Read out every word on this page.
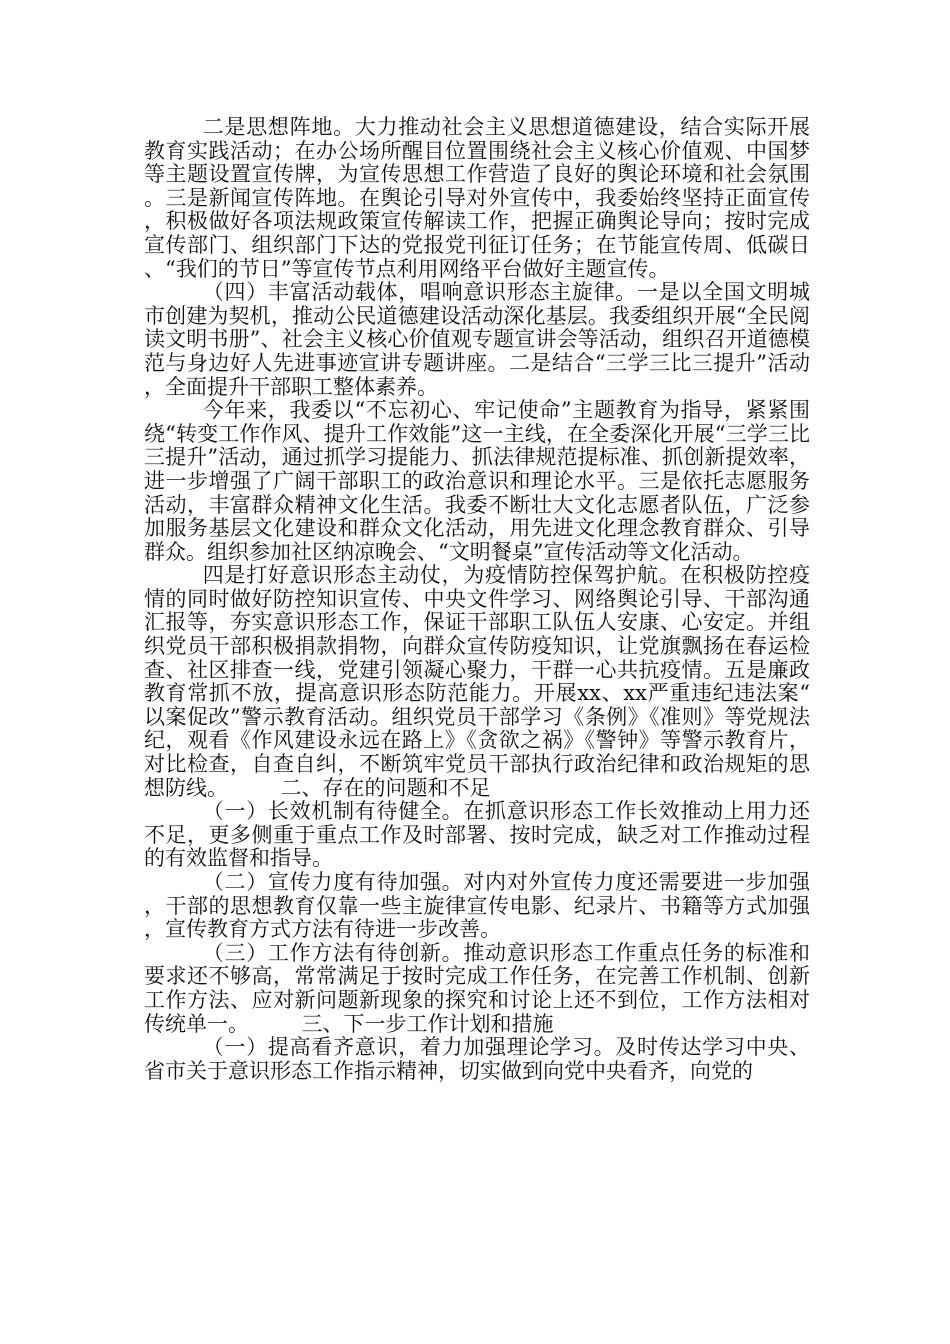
二是思想阵地。大力推动社会主义思想道德建设，结合实际开展教育实践活动；在办公场所醒目位置围绕社会主义核心价值观、中国梦等主题设置宣传牌，为宣传思想工作营造了良好的舆论环境和社会氛围。三是新闻宣传阵地。在舆论引导对外宣传中，我委始终坚持正面宣传，积极做好各项法规政策宣传解读工作，把握正确舆论导向；按时完成宣传部门、组织部门下达的党报党刊征订任务；在节能宣传周、低碳日、“我们的节日”等宣传节点利用网络平台做好主题宣传。

（四）丰富活动载体，唱响意识形态主旋律。一是以全国文明城市创建为契机，推动公民道德建设活动深化基层。我委组织开展“全民阅读文明书册”、社会主义核心价值观专题宣讲会等活动，组织召开道德模范与身边好人先进事迹宣讲专题讲座。二是结合“三学三比三提升”活动，全面提升干部职工整体素养。

今年来，我委以“不忘初心、牢记使命”主题教育为指导，紧紧围绕“转变工作作风、提升工作效能”这一主线，在全委深化开展“三学三比三提升”活动，通过抓学习提能力、抓法律规范提标准、抓创新提效率，进一步增强了广阔干部职工的政治意识和理论水平。三是依托志愿服务活动，丰富群众精神文化生活。我委不断壮大文化志愿者队伍，广泛参加服务基层文化建设和群众文化活动，用先进文化理念教育群众、引导群众。组织参加社区纳凉晚会、“文明餐桌”宣传活动等文化活动。

四是打好意识形态主动仗，为疫情防控保驾护航。在积极防控疫情的同时做好防控知识宣传、中央文件学习、网络舆论引导、干部沟通汇报等，夯实意识形态工作，保证干部职工队伍人安康、心安定。并组织党员干部积极捐款捐物，向群众宣传防疫知识，让党旗飘扬在春运检查、社区排查一线，党建引领凝心聚力，干群一心共抗疫情。五是廉政教育常抓不放，提高意识形态防范能力。开展xx、xx严重违纪违法案“以案促改”警示教育活动。组织党员干部学习《条例》《准则》等党规法纪，观看《作风建设永远在路上》《贪欲之祸》《警钟》等警示教育片，对比检查，自查自纠，不断筑牢党员干部执行政治纪律和政治规矩的思想防线。　　　	二、存在的问题和不足

（一）长效机制有待健全。在抓意识形态工作长效推动上用力还不足，更多侧重于重点工作及时部署、按时完成，缺乏对工作推动过程的有效监督和指导。

（二）宣传力度有待加强。对内对外宣传力度还需要进一步加强，干部的思想教育仅靠一些主旋律宣传电影、纪录片、书籍等方式加强，宣传教育方式方法有待进一步改善。

（三）工作方法有待创新。推动意识形态工作重点任务的标准和要求还不够高，常常满足于按时完成工作任务，在完善工作机制、创新工作方法、应对新问题新现象的探究和讨论上还不到位，工作方法相对传统单一。　　　	三、下一步工作计划和措施

（一）提高看齐意识，着力加强理论学习。及时传达学习中央、省市关于意识形态工作指示精神，切实做到向党中央看齐，向党的
